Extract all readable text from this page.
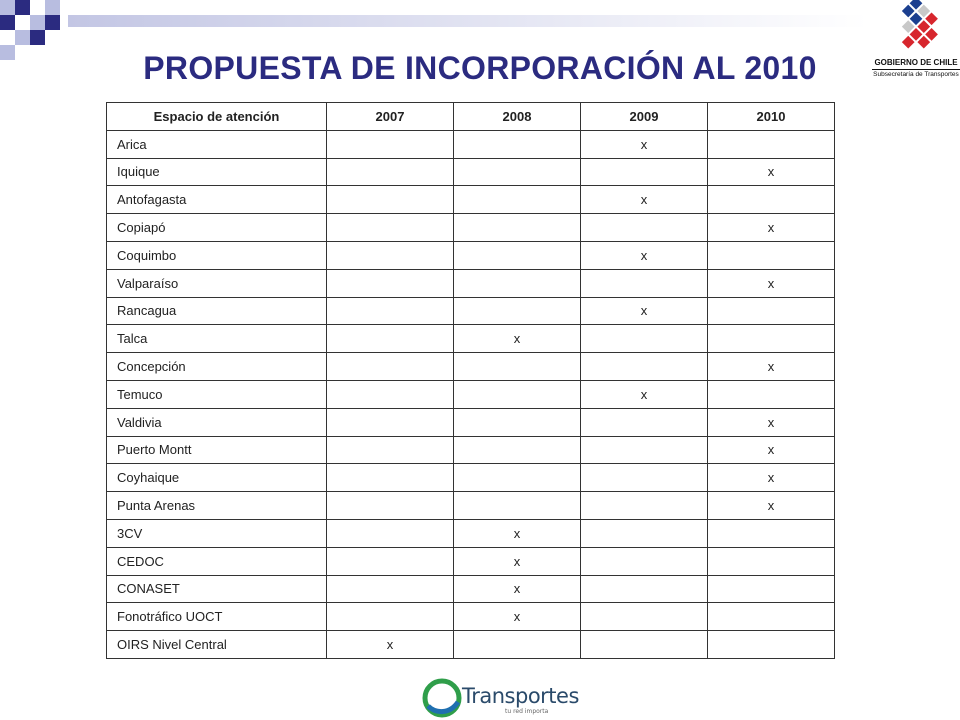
PROPUESTA DE INCORPORACIÓN AL 2010	GOBIERNO DE CHILE
Subsecretaría de Transportes
Espacio de atención	2007	2008	2009	2010
Arica			x	
Iquique				x
Antofagasta			x	
Copiapó				x
Coquimbo			x	
Valparaíso				x
Rancagua			x	
Talca		x		
Concepción				x
Temuco			x	
Valdivia				x
Puerto Montt				x
Coyhaique				x
Punta Arenas				x
3CV		x		
CEDOC		x		
CONASET		x		
Fonotráfico UOCT		x		
OIRS Nivel Central	x			
Transportes
tu red importa
